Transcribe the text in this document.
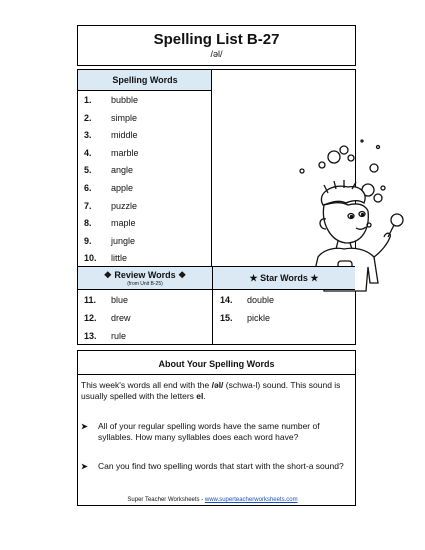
Spelling List B-27
/əl/
Spelling Words
1. bubble
2. simple
3. middle
4. marble
5. angle
6. apple
7. puzzle
8. maple
9. jungle
10. little
❖ Review Words ❖
(from Unit B-25)
★ Star Words ★
11. blue
12. drew
13. rule
14. double
15. pickle
About Your Spelling Words
This week's words all end with the /əl/ (schwa-l) sound. This sound is usually spelled with the letters el.
➤ All of your regular spelling words have the same number of syllables. How many syllables does each word have?
➤ Can you find two spelling words that start with the short-a sound?
Super Teacher Worksheets - www.superteacherworksheets.com
